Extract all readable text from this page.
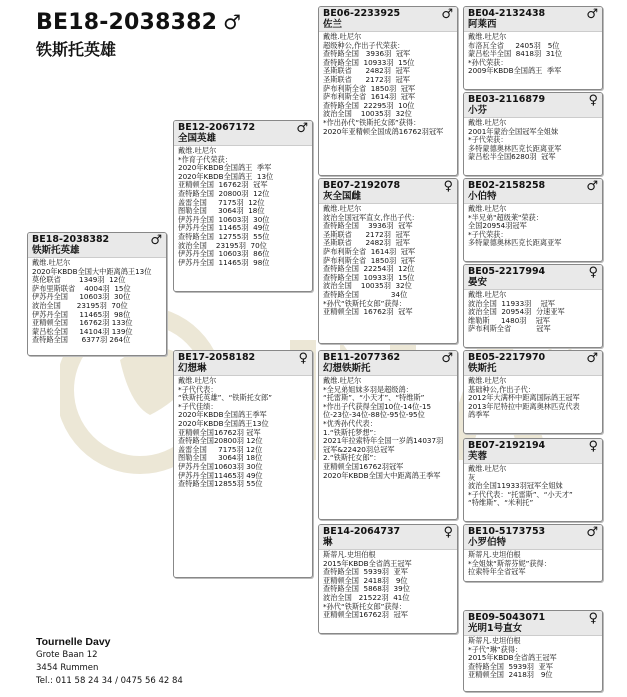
BE18-2038382 ♂
铁斯托英雄
BE18-2038382
铁斯托英雄
♂
戴维.吐尼尔
2020年KBDB全国大中距离鸽王13位
莫伦联省        1349羽  12位
萨布里斯联省    4004羽  15位
伊苏丹全国     10603羽  30位
波治全国       23195羽  70位
伊苏丹全国     11465羽  98位
亚精顿全国     16762羽 133位
蒙吕松全国     14104羽 139位
查特路全国      6377羽 264位
BE12-2067172
全国英雄
♂
戴维.吐尼尔
*作育子代荣获：
2020年KBDB全国鸽王  季军
2020年KBDB全国鸽王  13位
亚精顿全国  16762羽  冠军
查特路全国  20800羽  12位
盖雷全国     7175羽  12位
图勒全国     3064羽  18位
伊苏丹全国  10603羽  30位
伊苏丹全国  11465羽  49位
查特路全国  12755羽  55位
波治全国    23195羽  70位
伊苏丹全国  10603羽  86位
伊苏丹全国  11465羽  98位
BE17-2058182
幻想琳
♀
戴维.吐尼尔
*子代代表：
“铁斯托英雄”、“铁斯托女郎”
*子代佳绩：
2020年KBDB全国鸽王季军
2020年KBDB全国鸽王13位
亚精顿全国16762羽 冠军
查特路全国20800羽 12位
盖雷全国     7175羽 12位
图勒全国     3064羽 18位
伊苏丹全国10603羽 30位
伊苏丹全国11465羽 49位
查特路全国12855羽 55位
BE06-2233925
佐兰
♂
戴维.吐尼尔
超级种公,作出子代荣获：
查特路全国   3936羽  冠军
查特路全国  10933羽  15位
圣斯联省      2482羽  冠军
圣斯联省      2172羽  冠军
萨布利斯全省  1850羽  冠军
萨布利斯全省  1614羽  冠军
查特路全国  22295羽  10位
波治全国    10035羽  32位
*作出孙代“铁斯托女郎”获得：
2020年亚精顿全国成鸽16762羽冠军
BE07-2192078
灰全国雌
♀
戴维.吐尼尔
波治全国冠军直女,作出子代：
查特路全国    3936羽  冠军
圣斯联省      2172羽  冠军
圣斯联省      2482羽  冠军
萨布利斯全省  1614羽  冠军
萨布利斯全省  1850羽  冠军
查特路全国  22254羽  12位
查特路全国  10933羽  15位
波治全国    10035羽  32位
查特路全国              34位
*孙代“铁斯托女郎”获得：
亚精顿全国  16762羽  冠军
BE11-2077362
幻想铁斯托
♂
戴维.吐尼尔
*全兄弟姐妹多羽是超级鸽：
“托雷斯”、“小天才”、“特维斯”
*作出子代获得全国10位-14位-15
位-23位-34位-88位-95位-95位
*优秀孙代代表：
1.“铁斯托梦想”：
2021年拉索特年全国一岁鸽14037羽
冠军&22420羽总冠军
2.“铁斯托女郎”：
亚精顿全国16762羽冠军
2020年KBDB全国大中距离鸽王季军
BE14-2064737
琳
♀
斯蒂凡.史坦伯根
2015年KBDB全省鸽王冠军
查特路全国  5939羽  亚军
亚精顿全国  2418羽   9位
查特路全国  5868羽  39位
波治全国   21522羽  41位
*孙代“铁斯托女郎”获得：
亚精顿全国16762羽  冠军
BE04-2132438
阿莱西
♂
戴维.吐尼尔
布洛瓦全省     2405羽   5位
蒙吕松半全国  8418羽  31位
*孙代荣获：
2009年KBDB全国鸽王  季军
BE03-2116879
小芬
♀
戴维.吐尼尔
2001年蒙治全国冠军全姐妹
*子代荣获：
多特蒙德奥林匹克长距离亚军
蒙吕松半全国6280羽  冠军
BE02-2158258
小伯特
♂
戴维.吐尼尔
*半兄弟"超级莱"荣获：
全国20954羽冠军
*子代荣获：
多特蒙德奥林匹克长距离亚军
BE05-2217994
晏安
♀
戴维.吐尼尔
波治全国  11933羽    冠军
波治全国  20954羽  分速亚军
维勒斯     1480羽    冠军
萨布利斯全省           冠军
BE05-2217970
铁斯托
♂
戴维.吐尼尔
基础种公,作出子代：
2012年大满杯中距离国际鸽王冠军
2013年尼特拉中距离奥林匹克代表
鸽季军
BE07-2192194
芙蓉
♀
戴维.吐尼尔
灰
波治全国11933羽冠军全姐妹
*子代代表：“托雷斯”、“小天才”
“特维斯”、“米利托”
BE10-5173753
小罗伯特
♂
斯蒂凡.史坦伯根
*全姐妹“斯蒂芬妮”获得：
拉索特年全省冠军
BE09-5043071
光明1号直女
♀
斯蒂凡.史坦伯根
*子代“琳”获得：
2015年KBDB全省鸽王冠军
查特路全国  5939羽  亚军
亚精顿全国  2418羽   9位
Tournelle Davy
Grote Baan 12
3454 Rummen
Tel.: 011 58 24 34 / 0475 56 42 84
